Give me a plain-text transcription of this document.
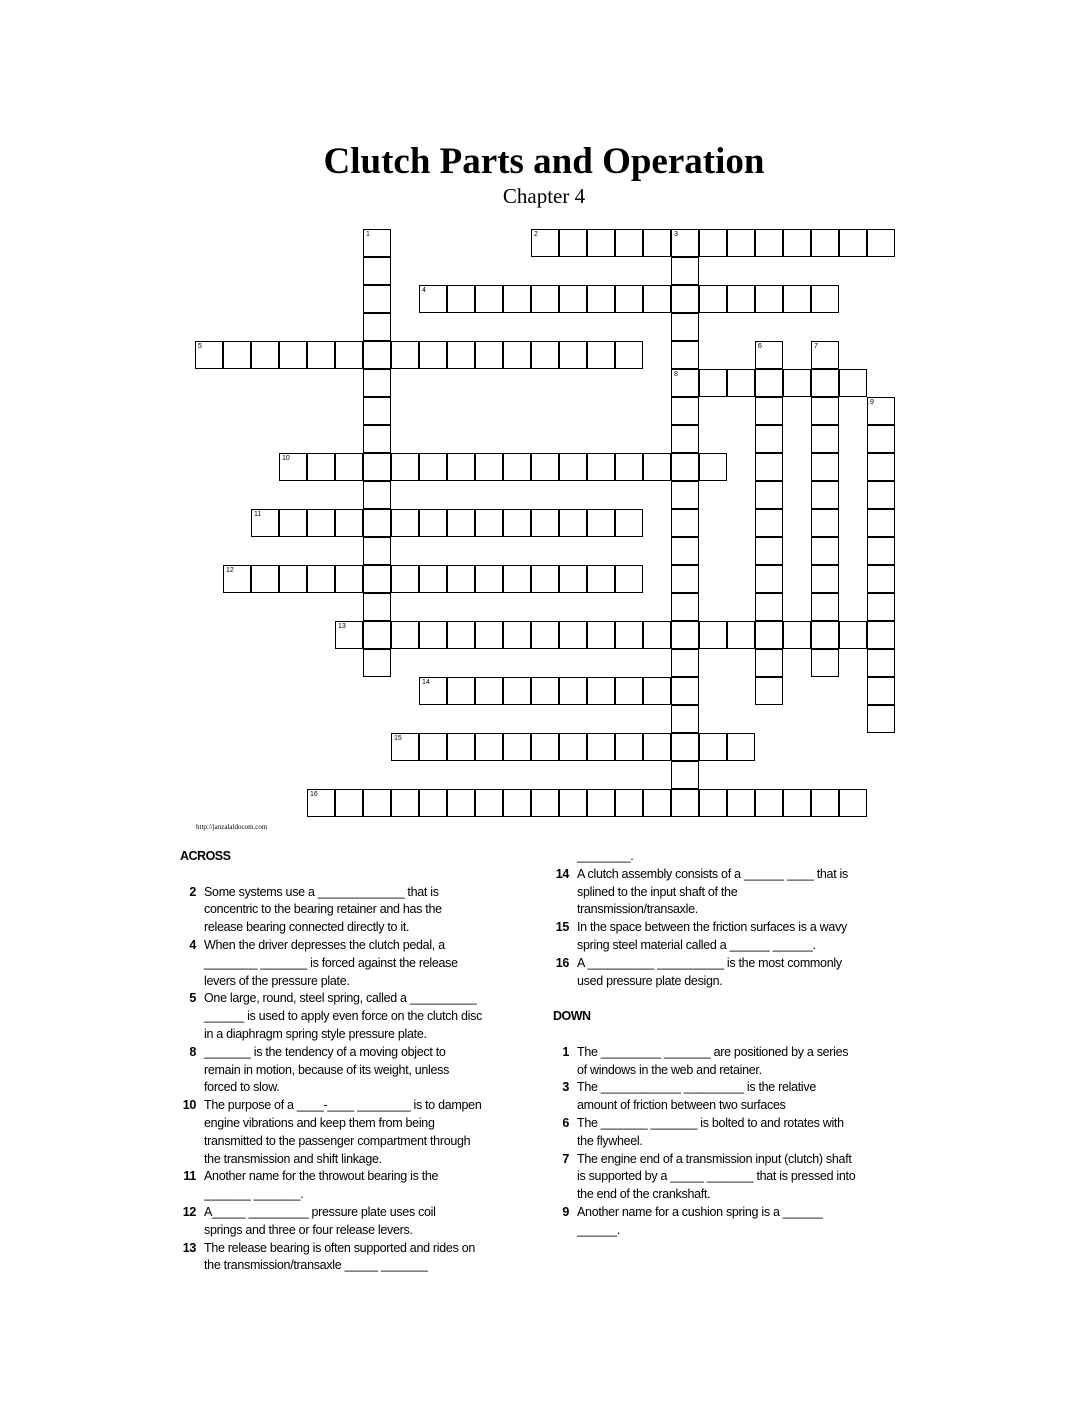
Clutch Parts and Operation
Chapter 4
1	2	3
8
4
5	6	7
9
10
11
12
13
14
15
16
http://janzalaldocom.com
ACROSS
2 Some systems use a _____________ that is
concentric to the bearing retainer and has the
release bearing connected directly to it.
4 When the driver depresses the clutch pedal, a
________ _______ is forced against the release
levers of the pressure plate.
5 One large, round, steel spring, called a __________
______ is used to apply even force on the clutch disc
in a diaphragm spring style pressure plate.
8 _______ is the tendency of a moving object to
remain in motion, because of its weight, unless
forced to slow.
10 The purpose of a ____-____ ________ is to dampen
engine vibrations and keep them from being
transmitted to the passenger compartment through
the transmission and shift linkage.
11 Another name for the throwout bearing is the
_______ _______.
12 A_____ _________ pressure plate uses coil
springs and three or four release levers.
13 The release bearing is often supported and rides on
the transmission/transaxle _____ _______
________.
14 A clutch assembly consists of a ______ ____ that is
splined to the input shaft of the
transmission/transaxle.
15 In the space between the friction surfaces is a wavy
spring steel material called a ______ ______.
16 A __________ __________ is the most commonly
used pressure plate design.
DOWN
1 The _________ _______ are positioned by a series
of windows in the web and retainer.
3 The ____________ _________ is the relative
amount of friction between two surfaces
6 The _______ _______ is bolted to and rotates with
the flywheel.
7 The engine end of a transmission input (clutch) shaft
is supported by a _____ _______ that is pressed into
the end of the crankshaft.
9 Another name for a cushion spring is a ______
______.
